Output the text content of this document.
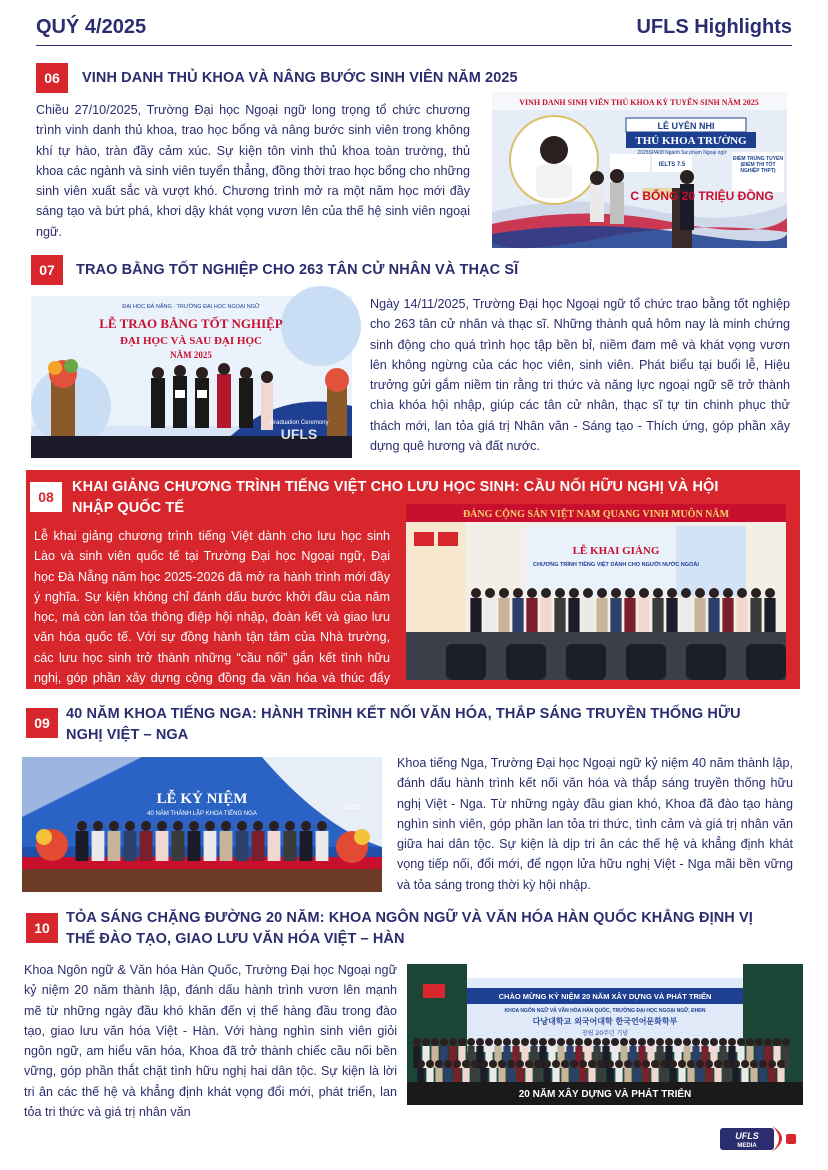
QUÝ 4/2025	UFLS Highlights
06	VINH DANH THỦ KHOA VÀ NÂNG BƯỚC SINH VIÊN NĂM 2025
Chiều 27/10/2025, Trường Đại học Ngoại ngữ long trọng tổ chức chương trình vinh danh thủ khoa, trao học bổng và nâng bước sinh viên trong không khí tự hào, tràn đầy cảm xúc. Sự kiện tôn vinh thủ khoa toàn trường, thủ khoa các ngành và sinh viên tuyển thẳng, đồng thời trao học bổng cho những sinh viên xuất sắc và vượt khó. Chương trình mở ra một năm học mới đầy sáng tạo và bứt phá, khơi dậy khát vọng vươn lên của thế hệ sinh viên ngoại ngữ.
VINH DANH SINH VIÊN THỦ KHOA KỲ TUYỂN SINH NĂM 2025
LÊ UYÊN NHI
THỦ KHOA TRƯỜNG
2025SPA08 Ngành Sư phạm Ngoại ngữ
IELTS 7.5
ĐIỂM TRÚNG TUYỂN (ĐIỂM THI TỐT NGHIỆP THPT)
C BỔNG 20 TRIỆU ĐỒNG
07	TRAO BẰNG TỐT NGHIỆP CHO 263 TÂN CỬ NHÂN VÀ THẠC SĨ
ĐẠI HỌC ĐÀ NẴNG · TRƯỜNG ĐẠI HỌC NGOẠI NGỮ
LỄ TRAO BẰNG TỐT NGHIỆP
ĐẠI HỌC VÀ SAU ĐẠI HỌC
NĂM 2025
Graduation Ceremony
UFLS
Ngày 14/11/2025, Trường Đại học Ngoại ngữ tổ chức trao bằng tốt nghiệp cho 263 tân cử nhân và thạc sĩ. Những thành quả hôm nay là minh chứng sinh động cho quá trình học tập bền bỉ, niềm đam mê và khát vọng vươn lên không ngừng của các học viên, sinh viên. Phát biểu tại buổi lễ, Hiệu trưởng gửi gắm niềm tin rằng tri thức và năng lực ngoại ngữ sẽ trở thành chìa khóa hội nhập, giúp các tân cử nhân, thạc sĩ tự tin chinh phục thử thách mới, lan tỏa giá trị Nhân văn - Sáng tạo - Thích ứng, góp phần xây dựng quê hương và đất nước.
08
KHAI GIẢNG CHƯƠNG TRÌNH TIẾNG VIỆT CHO LƯU HỌC SINH: CẦU NỐI HỮU NGHỊ VÀ HỘI NHẬP QUỐC TẾ
Lễ khai giảng chương trình tiếng Việt dành cho lưu học sinh Lào và sinh viên quốc tế tại Trường Đại học Ngoại ngữ, Đại học Đà Nẵng năm học 2025-2026 đã mở ra hành trình mới đầy ý nghĩa. Sự kiện không chỉ đánh dấu bước khởi đầu của năm học, mà còn lan tỏa thông điệp hội nhập, đoàn kết và giao lưu văn hóa quốc tế. Với sự đồng hành tận tâm của Nhà trường, các lưu học sinh trở thành những “cầu nối” gắn kết tình hữu nghị, góp phần xây dựng cộng đồng đa văn hóa và thúc đẩy tinh thần hợp
ĐẢNG CỘNG SẢN VIỆT NAM QUANG VINH MUÔN NĂM
LỄ KHAI GIẢNG
CHƯƠNG TRÌNH TIẾNG VIỆT DÀNH CHO NGƯỜI NƯỚC NGOÀI
09
40 NĂM KHOA TIẾNG NGA: HÀNH TRÌNH KẾT NỐI VĂN HÓA, THẮP SÁNG TRUYỀN THỐNG HỮU NGHỊ VIỆT – NGA
LỄ KỶ NIỆM
40 NĂM THÀNH LẬP KHOA TIẾNG NGA
2025
Khoa tiếng Nga, Trường Đại học Ngoại ngữ kỷ niệm 40 năm thành lập, đánh dấu hành trình kết nối văn hóa và thắp sáng truyền thống hữu nghị Việt - Nga. Từ những ngày đầu gian khó, Khoa đã đào tạo hàng nghìn sinh viên, góp phần lan tỏa tri thức, tình cảm và giá trị nhân văn giữa hai dân tộc. Sự kiện là dịp tri ân các thế hệ và khẳng định khát vọng tiếp nối, đổi mới, để ngọn lửa hữu nghị Việt - Nga mãi bền vững và tỏa sáng trong thời kỳ hội nhập.
10
TỎA SÁNG CHẶNG ĐƯỜNG 20 NĂM: KHOA NGÔN NGỮ VÀ VĂN HÓA HÀN QUỐC KHẲNG ĐỊNH VỊ THẾ ĐÀO TẠO, GIAO LƯU VĂN HÓA VIỆT – HÀN
Khoa Ngôn ngữ & Văn hóa Hàn Quốc, Trường Đại học Ngoại ngữ kỷ niệm 20 năm thành lập, đánh dấu hành trình vươn lên mạnh mẽ từ những ngày đầu khó khăn đến vị thế hàng đầu trong đào tạo, giao lưu văn hóa Việt - Hàn. Với hàng nghìn sinh viên giỏi ngôn ngữ, am hiểu văn hóa, Khoa đã trở thành chiếc cầu nối bền vững, góp phần thắt chặt tình hữu nghị hai dân tộc. Sự kiện là lời tri ân các thế hệ và khẳng định khát vọng đổi mới, phát triển, lan tỏa tri thức và giá trị nhân văn
CHÀO MỪNG KỶ NIỆM 20 NĂM XÂY DỰNG VÀ PHÁT TRIỂN
KHOA NGÔN NGỮ VÀ VĂN HÓA HÀN QUỐC, TRƯỜNG ĐẠI HỌC NGOẠI NGỮ, ĐHĐN
다낭대학교 외국어대학 한국언어문화학부
창립 20주년 기념
20 NĂM XÂY DỰNG VÀ PHÁT TRIỂN
UFLS
MEDIA
